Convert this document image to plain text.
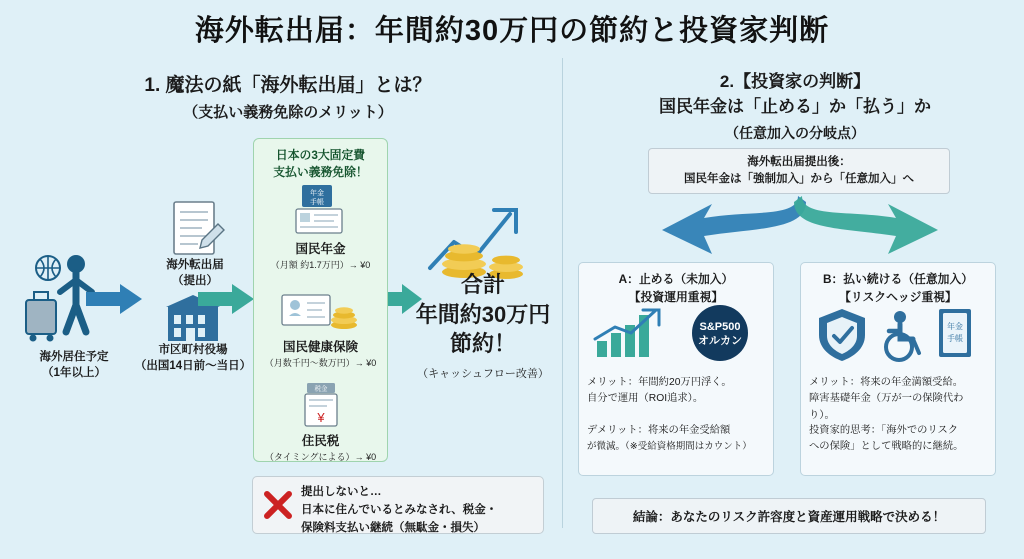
海外転出届：年間約30万円の節約と投資家判断
1. 魔法の紙「海外転出届」とは？
（支払い義務免除のメリット）
海外居住予定
（1年以上）
海外転出届
（提出）
市区町村役場
（出国14日前〜当日）
日本の3大固定費
支払い義務免除！
年金
手帳
国民年金
（月額 約1.7万円）→ ¥0
国民健康保険
（月数千円〜数万円）→ ¥0
税金
¥
住民税
（タイミングによる）→ ¥0
合計
年間約30万円
節約！
（キャッシュフロー改善）
提出しないと…
日本に住んでいるとみなされ、税金・
保険料支払い継続（無駄金・損失）
2.【投資家の判断】
国民年金は「止める」か「払う」か
（任意加入の分岐点）
海外転出届提出後：
国民年金は「強制加入」から「任意加入」へ
A：止める（未加入）
【投資運用重視】
S&P500
オルカン
メリット：年間約20万円浮く。
自分で運用（ROI追求）。
デメリット：将来の年金受給額
が微減。（※受給資格期間はカウント）
B：払い続ける（任意加入）
【リスクヘッジ重視】
年金
手帳
メリット：将来の年金満額受給。
障害基礎年金（万が一の保険代わり）。
投資家的思考：「海外でのリスク
への保険」として戦略的に継続。
結論：あなたのリスク許容度と資産運用戦略で決める！
